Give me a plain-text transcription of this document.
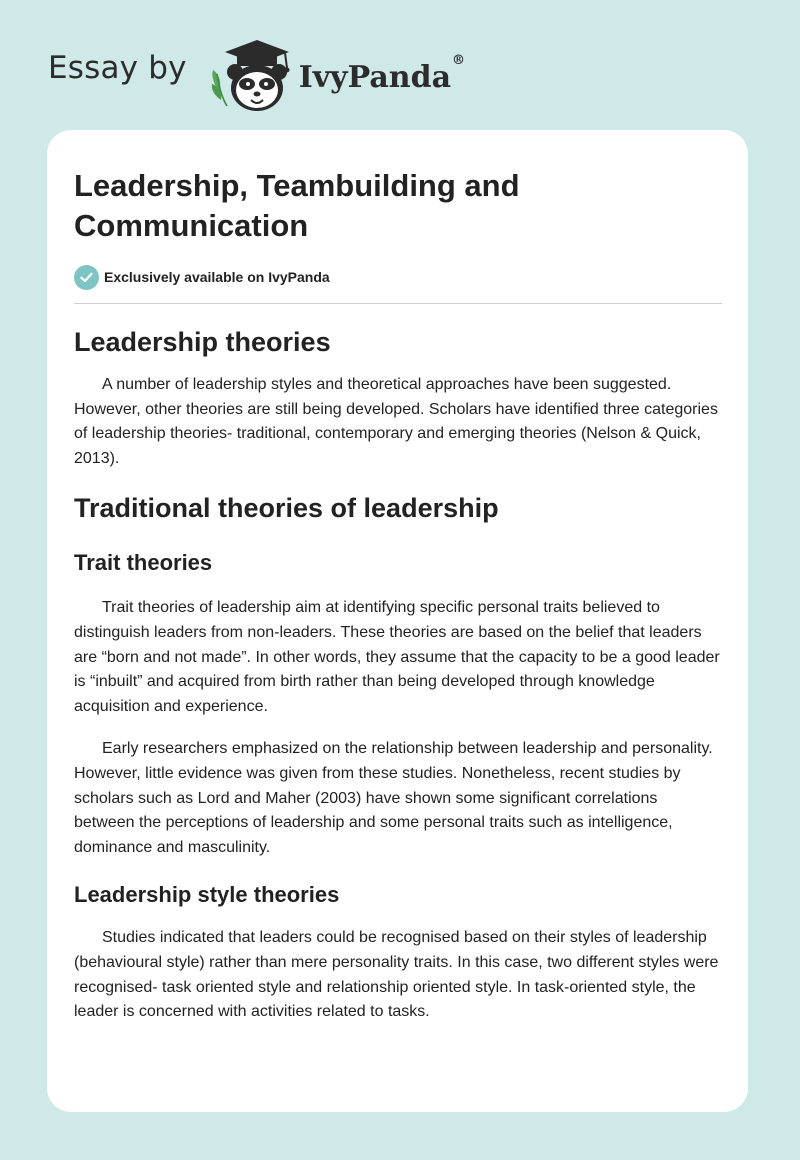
Essay by	IvyPanda®
Leadership, Teambuilding and
Communication
Exclusively available on IvyPanda
Leadership theories

A number of leadership styles and theoretical approaches have been suggested. However, other theories are still being developed. Scholars have identified three categories of leadership theories- traditional, contemporary and emerging theories (Nelson & Quick, 2013).

Traditional theories of leadership
Trait theories

Trait theories of leadership aim at identifying specific personal traits believed to distinguish leaders from non-leaders. These theories are based on the belief that leaders are “born and not made”. In other words, they assume that the capacity to be a good leader is “inbuilt” and acquired from birth rather than being developed through knowledge acquisition and experience.

Early researchers emphasized on the relationship between leadership and personality. However, little evidence was given from these studies. Nonetheless, recent studies by scholars such as Lord and Maher (2003) have shown some significant correlations between the perceptions of leadership and some personal traits such as intelligence, dominance and masculinity.

Leadership style theories

Studies indicated that leaders could be recognised based on their styles of leadership (behavioural style) rather than mere personality traits. In this case, two different styles were recognised- task oriented style and relationship oriented style. In task-oriented style, the leader is concerned with activities related to tasks.
